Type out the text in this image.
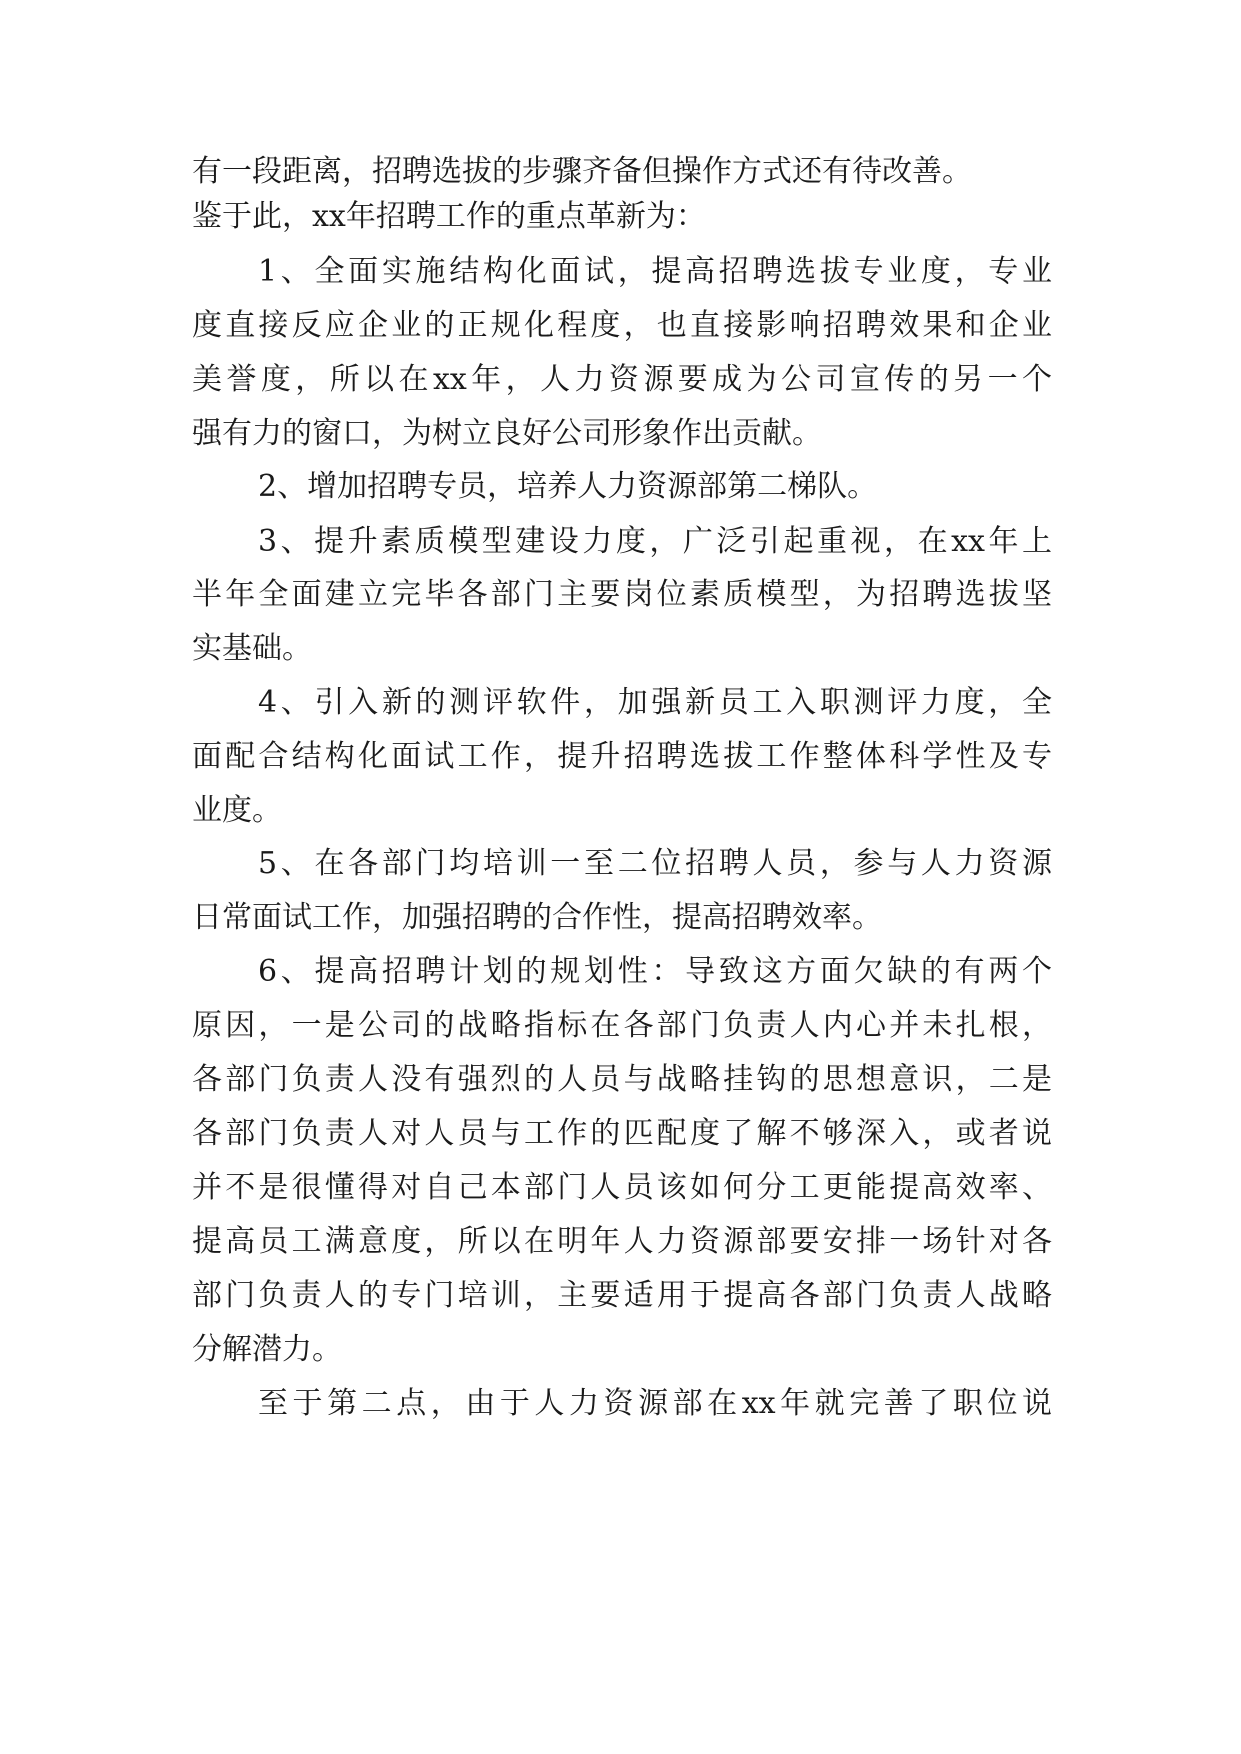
有一段距离，招聘选拔的步骤齐备但操作方式还有待改善。
鉴于此，xx年招聘工作的重点革新为：
1、全面实施结构化面试，提高招聘选拔专业度，专业
度直接反应企业的正规化程度，也直接影响招聘效果和企业
美誉度，所以在xx年，人力资源要成为公司宣传的另一个
强有力的窗口，为树立良好公司形象作出贡献。
2、增加招聘专员，培养人力资源部第二梯队。
3、提升素质模型建设力度，广泛引起重视，在xx年上
半年全面建立完毕各部门主要岗位素质模型，为招聘选拔坚
实基础。
4、引入新的测评软件，加强新员工入职测评力度，全
面配合结构化面试工作，提升招聘选拔工作整体科学性及专
业度。
5、在各部门均培训一至二位招聘人员，参与人力资源
日常面试工作，加强招聘的合作性，提高招聘效率。
6、提高招聘计划的规划性：导致这方面欠缺的有两个
原因，一是公司的战略指标在各部门负责人内心并未扎根，
各部门负责人没有强烈的人员与战略挂钩的思想意识，二是
各部门负责人对人员与工作的匹配度了解不够深入，或者说
并不是很懂得对自己本部门人员该如何分工更能提高效率、
提高员工满意度，所以在明年人力资源部要安排一场针对各
部门负责人的专门培训，主要适用于提高各部门负责人战略
分解潜力。
至于第二点，由于人力资源部在xx年就完善了职位说
